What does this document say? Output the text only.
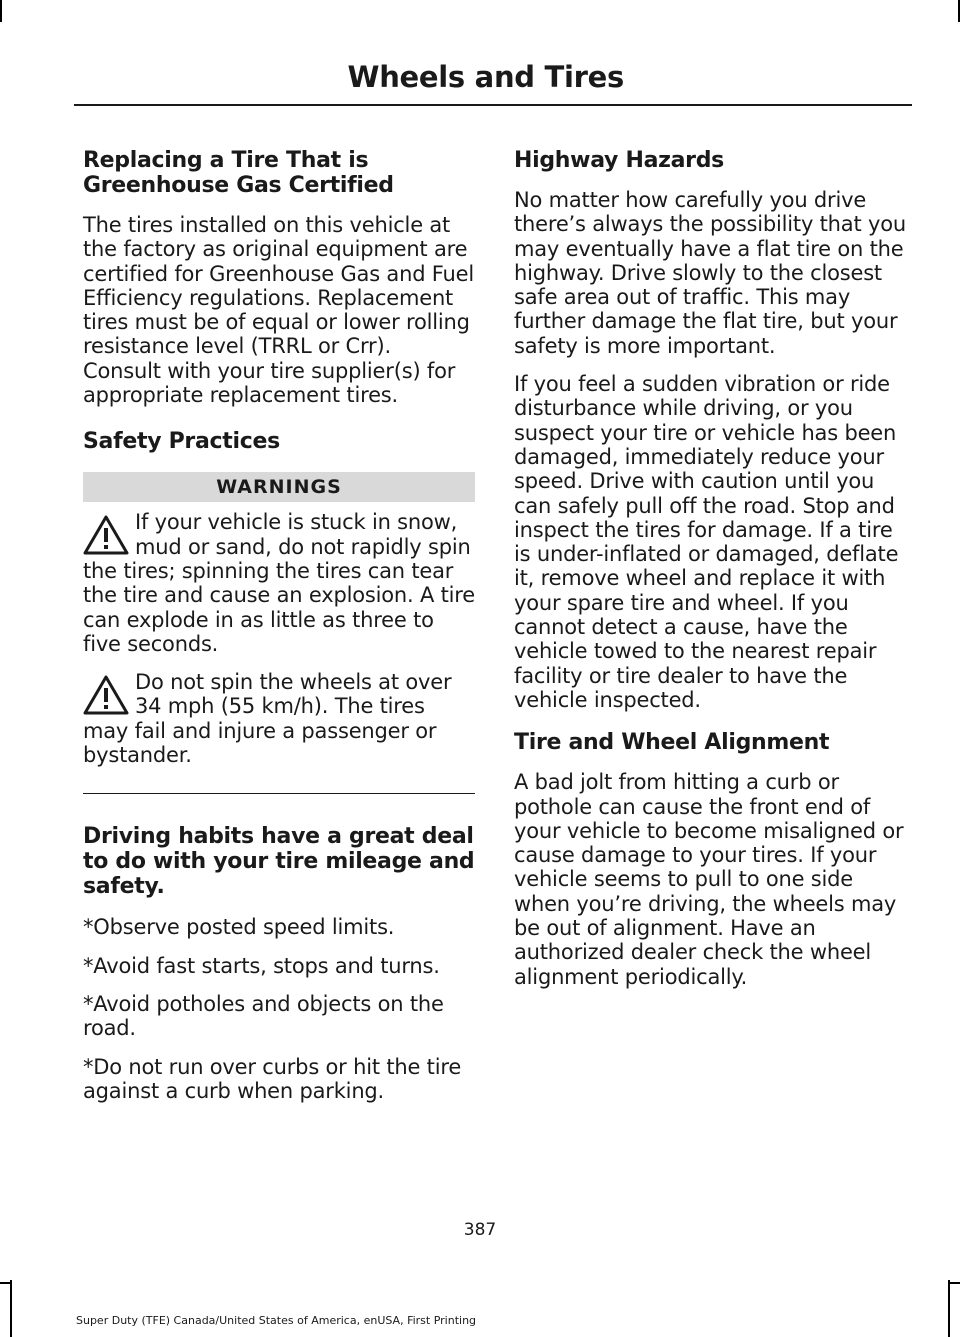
Wheels and Tires
Replacing a Tire That is Greenhouse Gas Certified

The tires installed on this vehicle at the factory as original equipment are certified for Greenhouse Gas and Fuel Efficiency regulations. Replacement tires must be of equal or lower rolling resistance level (TRRL or Crr). Consult with your tire supplier(s) for appropriate replacement tires.

Safety Practices
WARNINGS

If your vehicle is stuck in snow, mud or sand, do not rapidly spin the tires; spinning the tires can tear the tire and cause an explosion. A tire can explode in as little as three to five seconds.

Do not spin the wheels at over 34 mph (55 km/h). The tires may fail and injure a passenger or bystander.

Driving habits have a great deal to do with your tire mileage and safety.

*Observe posted speed limits.

*Avoid fast starts, stops and turns.

*Avoid potholes and objects on the road.

*Do not run over curbs or hit the tire against a curb when parking.

Highway Hazards

No matter how carefully you drive there’s always the possibility that you may eventually have a flat tire on the highway. Drive slowly to the closest safe area out of traffic. This may further damage the flat tire, but your safety is more important.

If you feel a sudden vibration or ride disturbance while driving, or you suspect your tire or vehicle has been damaged, immediately reduce your speed. Drive with caution until you can safely pull off the road. Stop and inspect the tires for damage. If a tire is under-inflated or damaged, deflate it, remove wheel and replace it with your spare tire and wheel. If you cannot detect a cause, have the vehicle towed to the nearest repair facility or tire dealer to have the vehicle inspected.

Tire and Wheel Alignment

A bad jolt from hitting a curb or pothole can cause the front end of your vehicle to become misaligned or cause damage to your tires. If your vehicle seems to pull to one side when you’re driving, the wheels may be out of alignment. Have an authorized dealer check the wheel alignment periodically.

387
Super Duty (TFE) Canada/United States of America, enUSA, First Printing
